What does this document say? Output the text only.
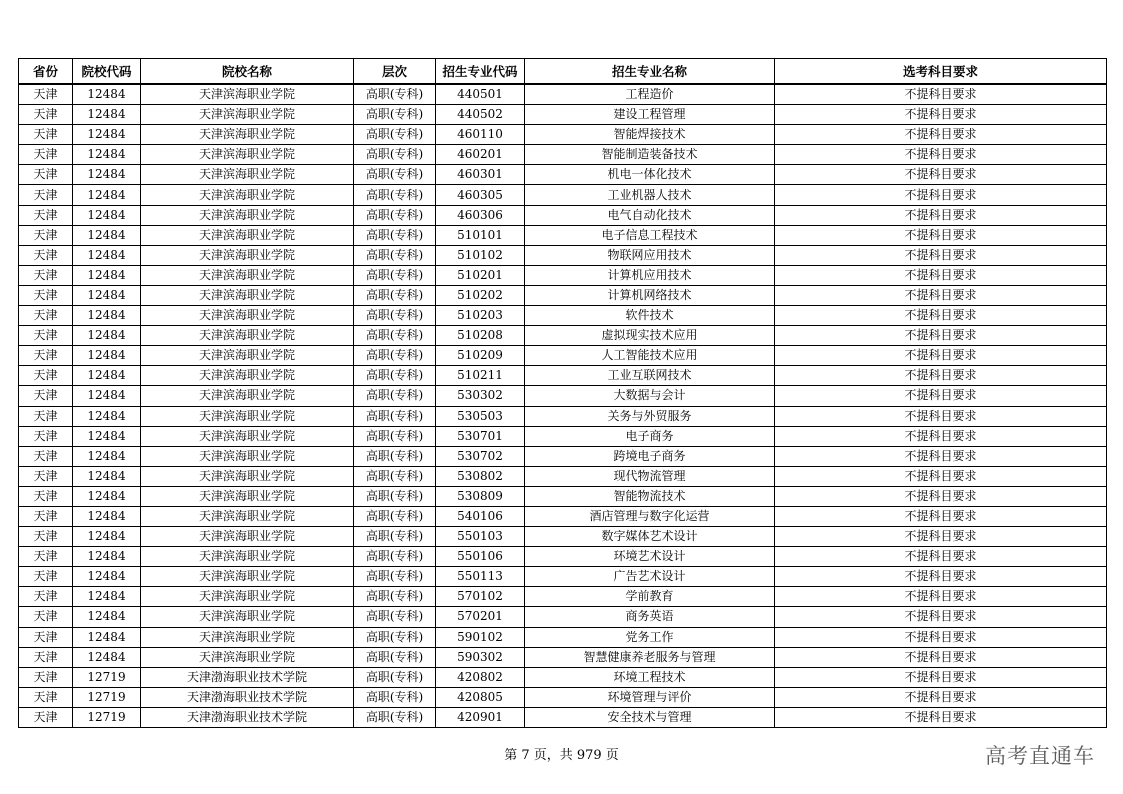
省份	院校代码	院校名称	层次	招生专业代码	招生专业名称	选考科目要求
天津	12484	天津滨海职业学院	高职(专科)	440501	工程造价	不提科目要求
天津	12484	天津滨海职业学院	高职(专科)	440502	建设工程管理	不提科目要求
天津	12484	天津滨海职业学院	高职(专科)	460110	智能焊接技术	不提科目要求
天津	12484	天津滨海职业学院	高职(专科)	460201	智能制造装备技术	不提科目要求
天津	12484	天津滨海职业学院	高职(专科)	460301	机电一体化技术	不提科目要求
天津	12484	天津滨海职业学院	高职(专科)	460305	工业机器人技术	不提科目要求
天津	12484	天津滨海职业学院	高职(专科)	460306	电气自动化技术	不提科目要求
天津	12484	天津滨海职业学院	高职(专科)	510101	电子信息工程技术	不提科目要求
天津	12484	天津滨海职业学院	高职(专科)	510102	物联网应用技术	不提科目要求
天津	12484	天津滨海职业学院	高职(专科)	510201	计算机应用技术	不提科目要求
天津	12484	天津滨海职业学院	高职(专科)	510202	计算机网络技术	不提科目要求
天津	12484	天津滨海职业学院	高职(专科)	510203	软件技术	不提科目要求
天津	12484	天津滨海职业学院	高职(专科)	510208	虚拟现实技术应用	不提科目要求
天津	12484	天津滨海职业学院	高职(专科)	510209	人工智能技术应用	不提科目要求
天津	12484	天津滨海职业学院	高职(专科)	510211	工业互联网技术	不提科目要求
天津	12484	天津滨海职业学院	高职(专科)	530302	大数据与会计	不提科目要求
天津	12484	天津滨海职业学院	高职(专科)	530503	关务与外贸服务	不提科目要求
天津	12484	天津滨海职业学院	高职(专科)	530701	电子商务	不提科目要求
天津	12484	天津滨海职业学院	高职(专科)	530702	跨境电子商务	不提科目要求
天津	12484	天津滨海职业学院	高职(专科)	530802	现代物流管理	不提科目要求
天津	12484	天津滨海职业学院	高职(专科)	530809	智能物流技术	不提科目要求
天津	12484	天津滨海职业学院	高职(专科)	540106	酒店管理与数字化运营	不提科目要求
天津	12484	天津滨海职业学院	高职(专科)	550103	数字媒体艺术设计	不提科目要求
天津	12484	天津滨海职业学院	高职(专科)	550106	环境艺术设计	不提科目要求
天津	12484	天津滨海职业学院	高职(专科)	550113	广告艺术设计	不提科目要求
天津	12484	天津滨海职业学院	高职(专科)	570102	学前教育	不提科目要求
天津	12484	天津滨海职业学院	高职(专科)	570201	商务英语	不提科目要求
天津	12484	天津滨海职业学院	高职(专科)	590102	党务工作	不提科目要求
天津	12484	天津滨海职业学院	高职(专科)	590302	智慧健康养老服务与管理	不提科目要求
天津	12719	天津渤海职业技术学院	高职(专科)	420802	环境工程技术	不提科目要求
天津	12719	天津渤海职业技术学院	高职(专科)	420805	环境管理与评价	不提科目要求
天津	12719	天津渤海职业技术学院	高职(专科)	420901	安全技术与管理	不提科目要求
第 7 页，共 979 页	高考直通车
